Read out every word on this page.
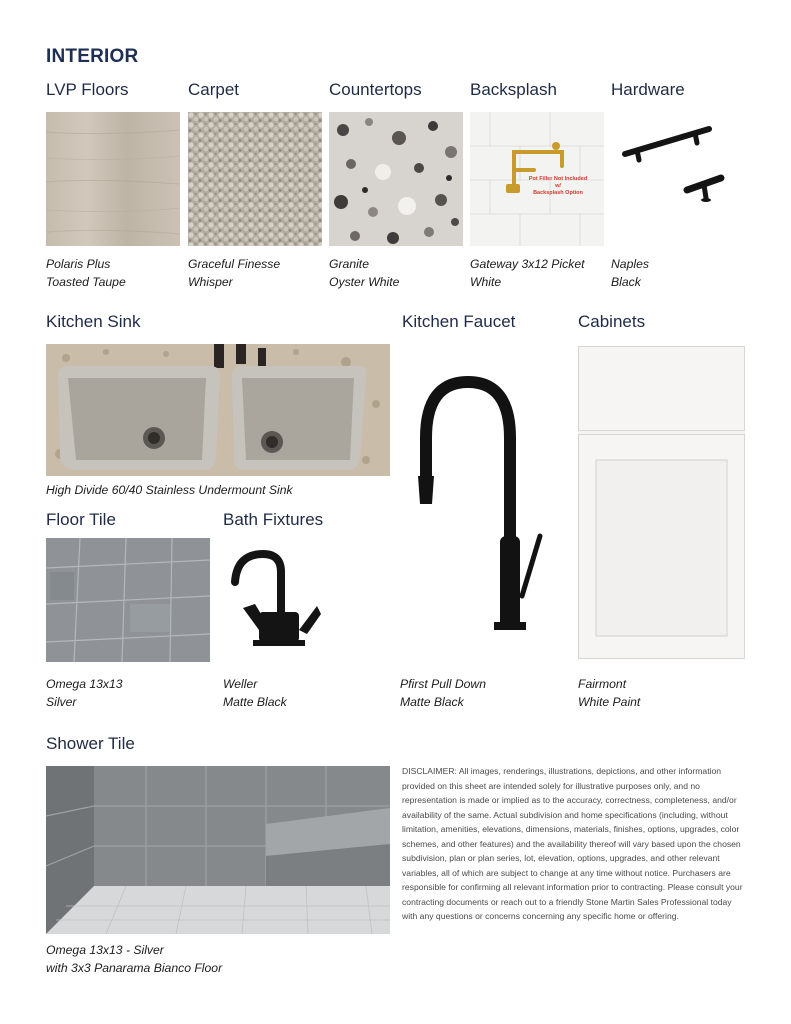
INTERIOR
LVP Floors	Carpet	Countertops	Backsplash	Hardware
Pot Filler Not Included w/
Backsplash Option
Polaris Plus
Toasted Taupe
Graceful Finesse
Whisper
Granite
Oyster White
Gateway 3x12 Picket
White
Naples
Black
Kitchen Sink	Kitchen Faucet	Cabinets
High Divide 60/40 Stainless Undermount Sink
Floor Tile	Bath Fixtures
Omega 13x13
Silver
Weller
Matte Black
Pfirst Pull Down
Matte Black
Fairmont
White Paint
Shower Tile
Omega 13x13 - Silver
with 3x3 Panarama Bianco Floor
DISCLAIMER: All images, renderings, illustrations, depictions, and other information provided on this sheet are intended solely for illustrative purposes only, and no representation is made or implied as to the accuracy, correctness, completeness, and/or availability of the same. Actual subdivision and home specifications (including, without limitation, amenities, elevations, dimensions, materials, finishes, options, upgrades, color schemes, and other features) and the availability thereof will vary based upon the chosen subdivision, plan or plan series, lot, elevation, options, upgrades, and other relevant variables, all of which are subject to change at any time without notice. Purchasers are responsible for confirming all relevant information prior to contracting. Please consult your contracting documents or reach out to a friendly Stone Martin Sales Professional today with any questions or concerns concerning any specific home or offering.
